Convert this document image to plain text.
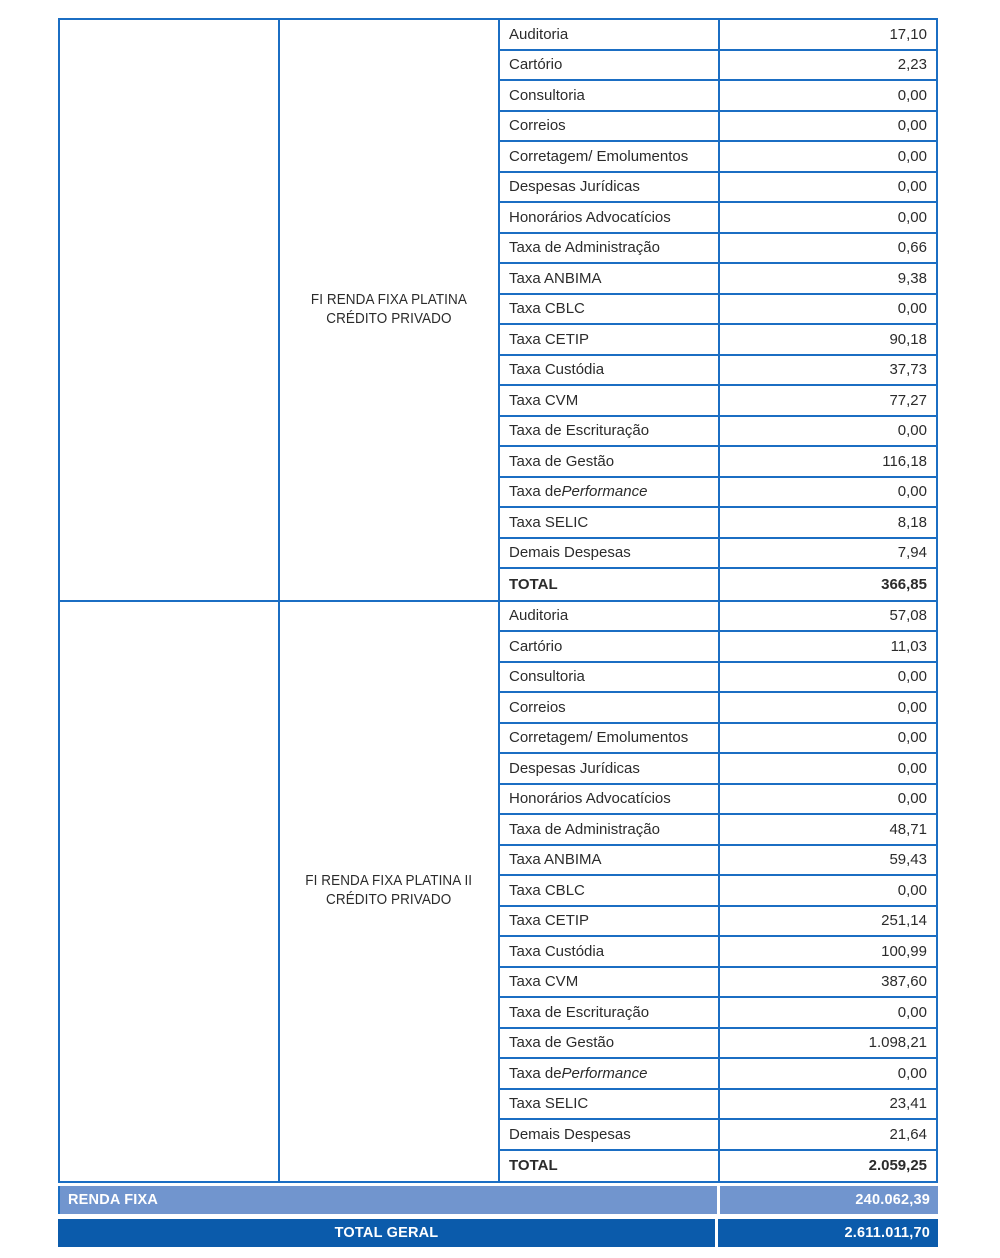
FI RENDA FIXA PLATINA
CRÉDITO PRIVADO
Auditoria	17,10
Cartório	2,23
Consultoria	0,00
Correios	0,00
Corretagem/ Emolumentos	0,00
Despesas Jurídicas	0,00
Honorários Advocatícios	0,00
Taxa de Administração	0,66
Taxa ANBIMA	9,38
Taxa CBLC	0,00
Taxa CETIP	90,18
Taxa Custódia	37,73
Taxa CVM	77,27
Taxa de Escrituração	0,00
Taxa de Gestão	116,18
Taxa de Performance	0,00
Taxa SELIC	8,18
Demais Despesas	7,94
TOTAL	366,85
FI RENDA FIXA PLATINA II
CRÉDITO PRIVADO
Auditoria	57,08
Cartório	11,03
Consultoria	0,00
Correios	0,00
Corretagem/ Emolumentos	0,00
Despesas Jurídicas	0,00
Honorários Advocatícios	0,00
Taxa de Administração	48,71
Taxa ANBIMA	59,43
Taxa CBLC	0,00
Taxa CETIP	251,14
Taxa Custódia	100,99
Taxa CVM	387,60
Taxa de Escrituração	0,00
Taxa de Gestão	1.098,21
Taxa de Performance	0,00
Taxa SELIC	23,41
Demais Despesas	21,64
TOTAL	2.059,25
RENDA FIXA	240.062,39
TOTAL GERAL	2.611.011,70
